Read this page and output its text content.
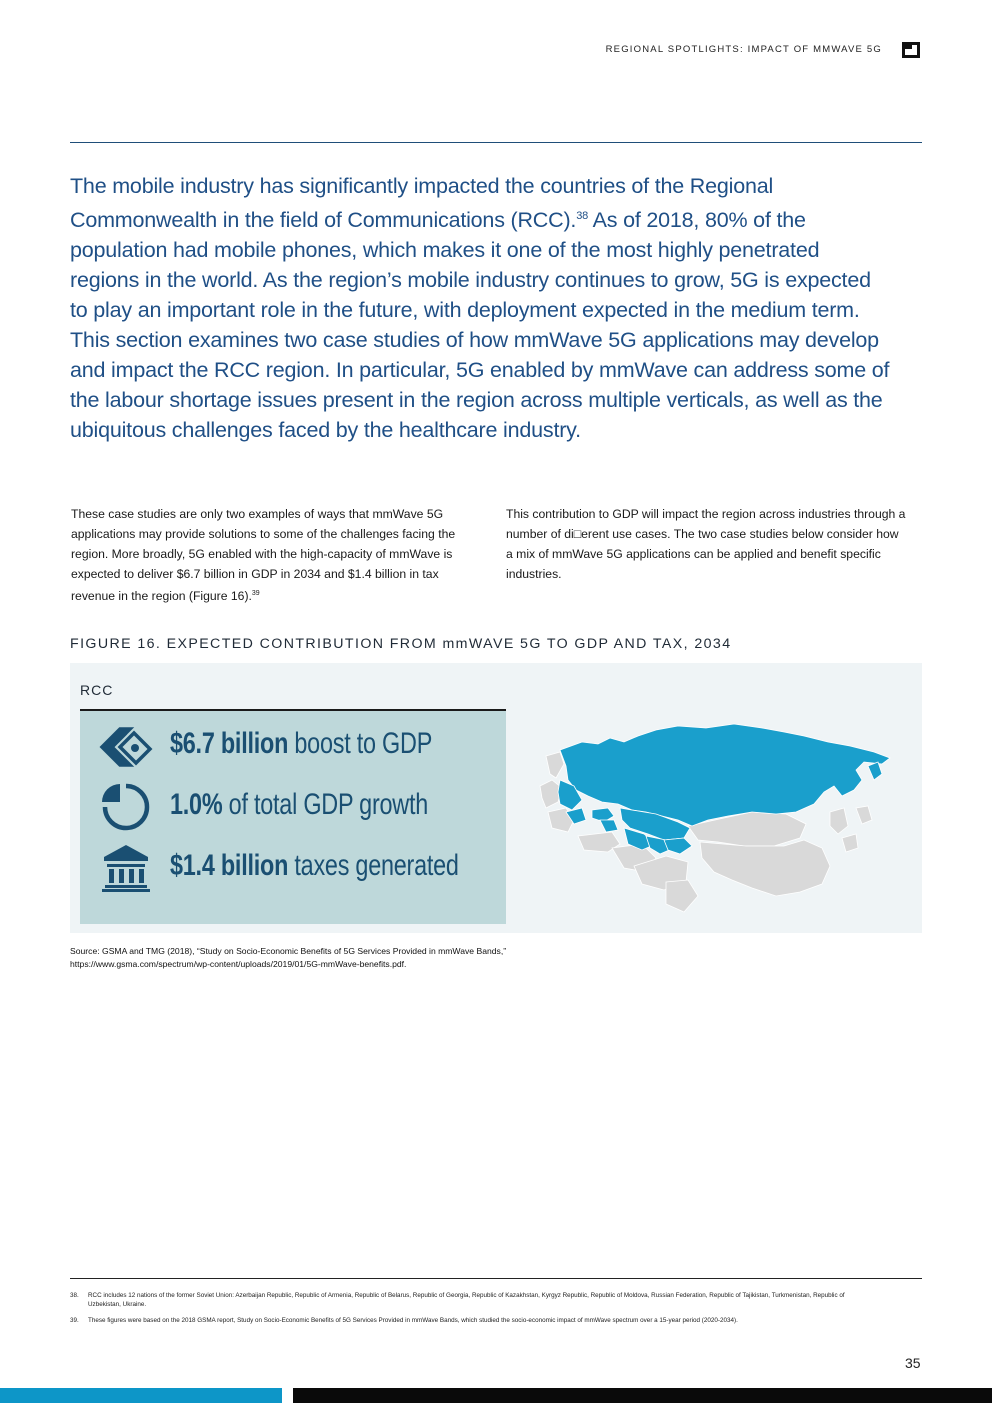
REGIONAL SPOTLIGHTS: IMPACT OF MMWAVE 5G

The mobile industry has significantly impacted the countries of the Regional Commonwealth in the field of Communications (RCC).$^{38}$ As of 2018, 80% of the population had mobile phones, which makes it one of the most highly penetrated regions in the world. As the region’s mobile industry continues to grow, 5G is expected to play an important role in the future, with deployment expected in the medium term. This section examines two case studies of how mmWave 5G applications may develop and impact the RCC region. In particular, 5G enabled by mmWave can address some of the labour shortage issues present in the region across multiple verticals, as well as the ubiquitous challenges faced by the healthcare industry.

These case studies are only two examples of ways that mmWave 5G applications may provide solutions to some of the challenges facing the region. More broadly, 5G enabled with the high-capacity of mmWave is expected to deliver $6.7 billion in GDP in 2034 and $1.4 billion in tax revenue in the region (Figure 16).$^{39}$

This contribution to GDP will impact the region across industries through a number of di□erent use cases. The two case studies below consider how a mix of mmWave 5G applications can be applied and benefit specific industries.

FIGURE 16. EXPECTED CONTRIBUTION FROM mmWAVE 5G TO GDP AND TAX, 2034
RCC
$6.7 billion boost to GDP
1.0% of total GDP growth
$1.4 billion taxes generated

Source: GSMA and TMG (2018), “Study on Socio-Economic Benefits of 5G Services Provided in mmWave Bands,”
https://www.gsma.com/spectrum/wp-content/uploads/2019/01/5G-mmWave-benefits.pdf.

38. RCC includes 12 nations of the former Soviet Union: Azerbaijan Republic, Republic of Armenia, Republic of Belarus, Republic of Georgia, Republic of Kazakhstan, Kyrgyz Republic, Republic of Moldova, Russian Federation, Republic of Tajikistan, Turkmenistan, Republic of Uzbekistan, Ukraine.
39. These figures were based on the 2018 GSMA report, Study on Socio-Economic Benefits of 5G Services Provided in mmWave Bands, which studied the socio-economic impact of mmWave spectrum over a 15-year period (2020-2034).
35
